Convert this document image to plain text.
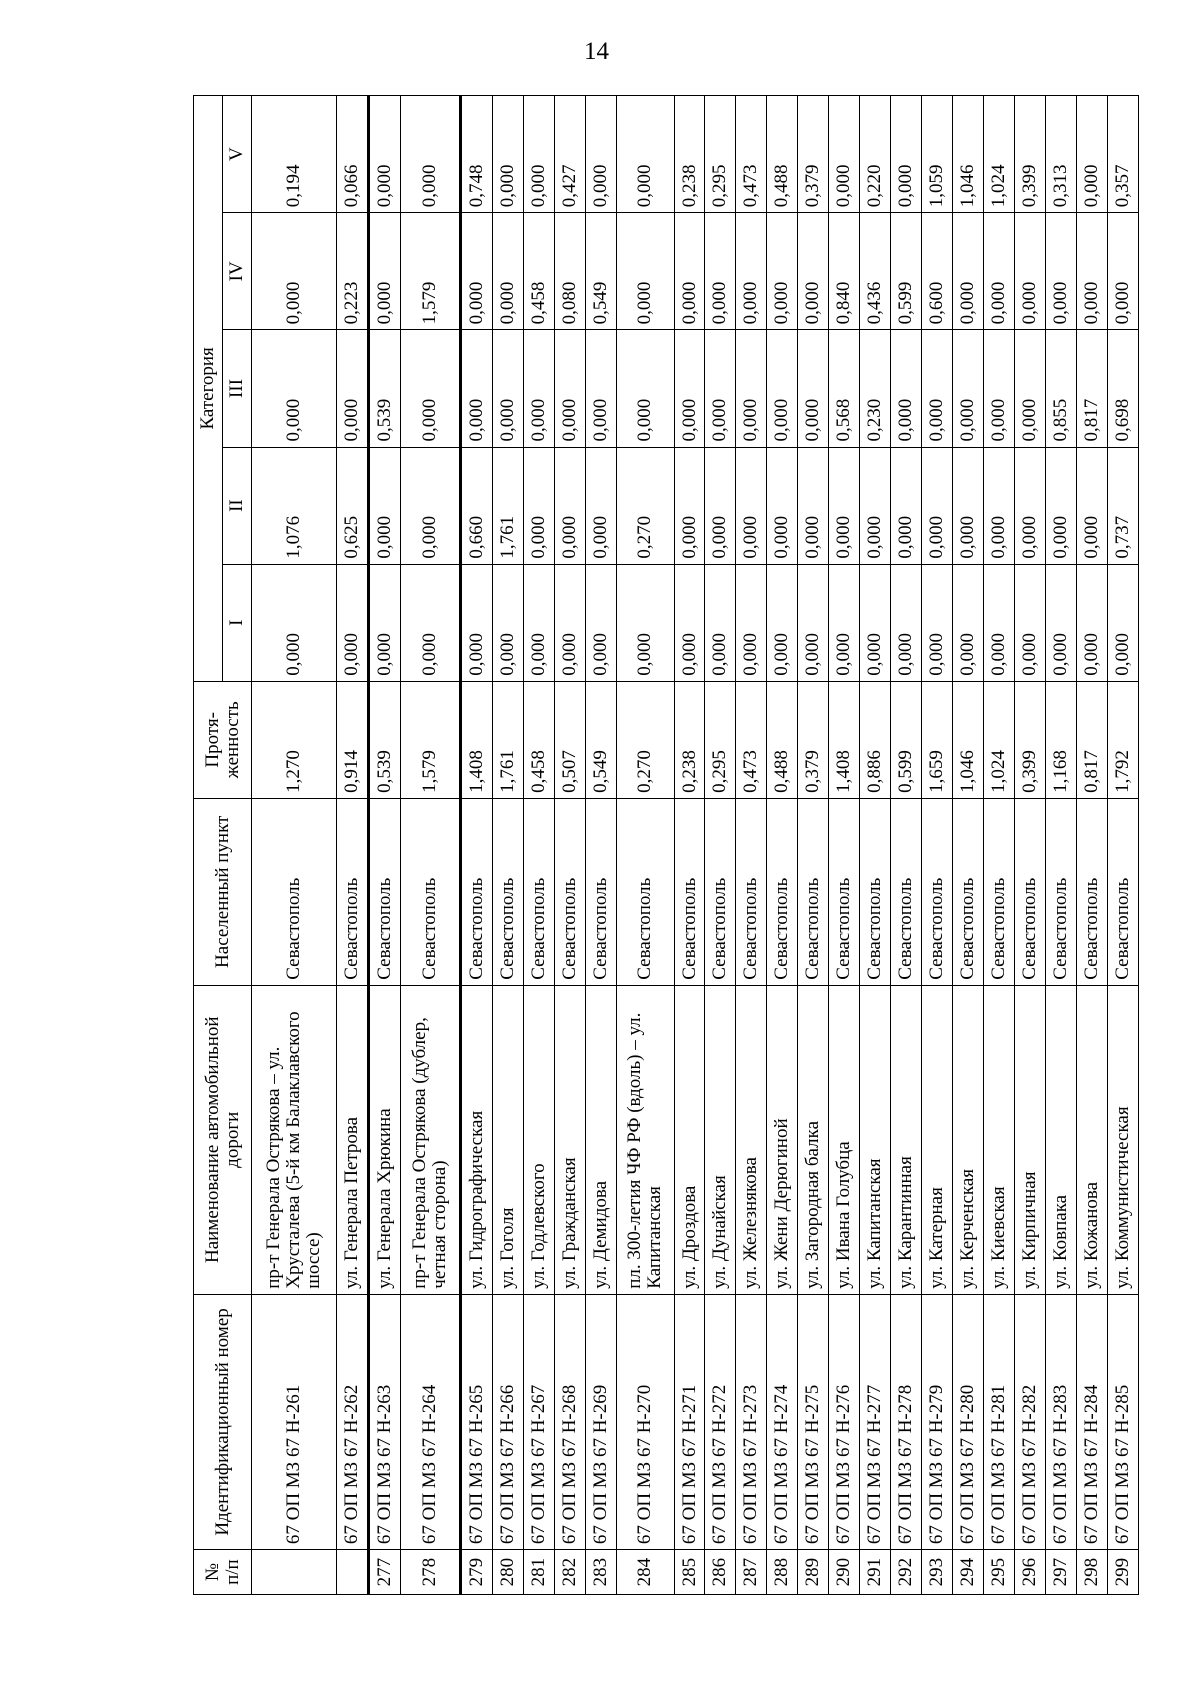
14
№ п/п	Идентификационный номер	Наименование автомобильной дороги	Населенный пункт	Протя-женность	Категория				
					I	II	III	IV	V
	67 ОП МЗ 67 Н-261	пр-т Генерала Острякова – ул. Хрусталева (5-й км Балаклавского шоссе)	Севастополь	1,270	0,000	1,076	0,000	0,000	0,194
	67 ОП МЗ 67 Н-262	ул. Генерала Петрова	Севастополь	0,914	0,000	0,625	0,000	0,223	0,066
277	67 ОП МЗ 67 Н-263	ул. Генерала Хрюкина	Севастополь	0,539	0,000	0,000	0,539	0,000	0,000
278	67 ОП МЗ 67 Н-264	пр-т Генерала Острякова (дублер, четная сторона)	Севастополь	1,579	0,000	0,000	0,000	1,579	0,000
279	67 ОП МЗ 67 Н-265	ул. Гидрографическая	Севастополь	1,408	0,000	0,660	0,000	0,000	0,748
280	67 ОП МЗ 67 Н-266	ул. Гоголя	Севастополь	1,761	0,000	1,761	0,000	0,000	0,000
281	67 ОП МЗ 67 Н-267	ул. Годлевского	Севастополь	0,458	0,000	0,000	0,000	0,458	0,000
282	67 ОП МЗ 67 Н-268	ул. Гражданская	Севастополь	0,507	0,000	0,000	0,000	0,080	0,427
283	67 ОП МЗ 67 Н-269	ул. Демидова	Севастополь	0,549	0,000	0,000	0,000	0,549	0,000
284	67 ОП МЗ 67 Н-270	пл. 300-летия ЧФ РФ (вдоль) – ул. Капитанская	Севастополь	0,270	0,000	0,270	0,000	0,000	0,000
285	67 ОП МЗ 67 Н-271	ул. Дроздова	Севастополь	0,238	0,000	0,000	0,000	0,000	0,238
286	67 ОП МЗ 67 Н-272	ул. Дунайская	Севастополь	0,295	0,000	0,000	0,000	0,000	0,295
287	67 ОП МЗ 67 Н-273	ул. Железнякова	Севастополь	0,473	0,000	0,000	0,000	0,000	0,473
288	67 ОП МЗ 67 Н-274	ул. Жени Дерюгиной	Севастополь	0,488	0,000	0,000	0,000	0,000	0,488
289	67 ОП МЗ 67 Н-275	ул. Загородная балка	Севастополь	0,379	0,000	0,000	0,000	0,000	0,379
290	67 ОП МЗ 67 Н-276	ул. Ивана Голубца	Севастополь	1,408	0,000	0,000	0,568	0,840	0,000
291	67 ОП МЗ 67 Н-277	ул. Капитанская	Севастополь	0,886	0,000	0,000	0,230	0,436	0,220
292	67 ОП МЗ 67 Н-278	ул. Карантинная	Севастополь	0,599	0,000	0,000	0,000	0,599	0,000
293	67 ОП МЗ 67 Н-279	ул. Катерная	Севастополь	1,659	0,000	0,000	0,000	0,600	1,059
294	67 ОП МЗ 67 Н-280	ул. Керченская	Севастополь	1,046	0,000	0,000	0,000	0,000	1,046
295	67 ОП МЗ 67 Н-281	ул. Киевская	Севастополь	1,024	0,000	0,000	0,000	0,000	1,024
296	67 ОП МЗ 67 Н-282	ул. Кирпичная	Севастополь	0,399	0,000	0,000	0,000	0,000	0,399
297	67 ОП МЗ 67 Н-283	ул. Ковпака	Севастополь	1,168	0,000	0,000	0,855	0,000	0,313
298	67 ОП МЗ 67 Н-284	ул. Кожанова	Севастополь	0,817	0,000	0,000	0,817	0,000	0,000
299	67 ОП МЗ 67 Н-285	ул. Коммунистическая	Севастополь	1,792	0,000	0,737	0,698	0,000	0,357
